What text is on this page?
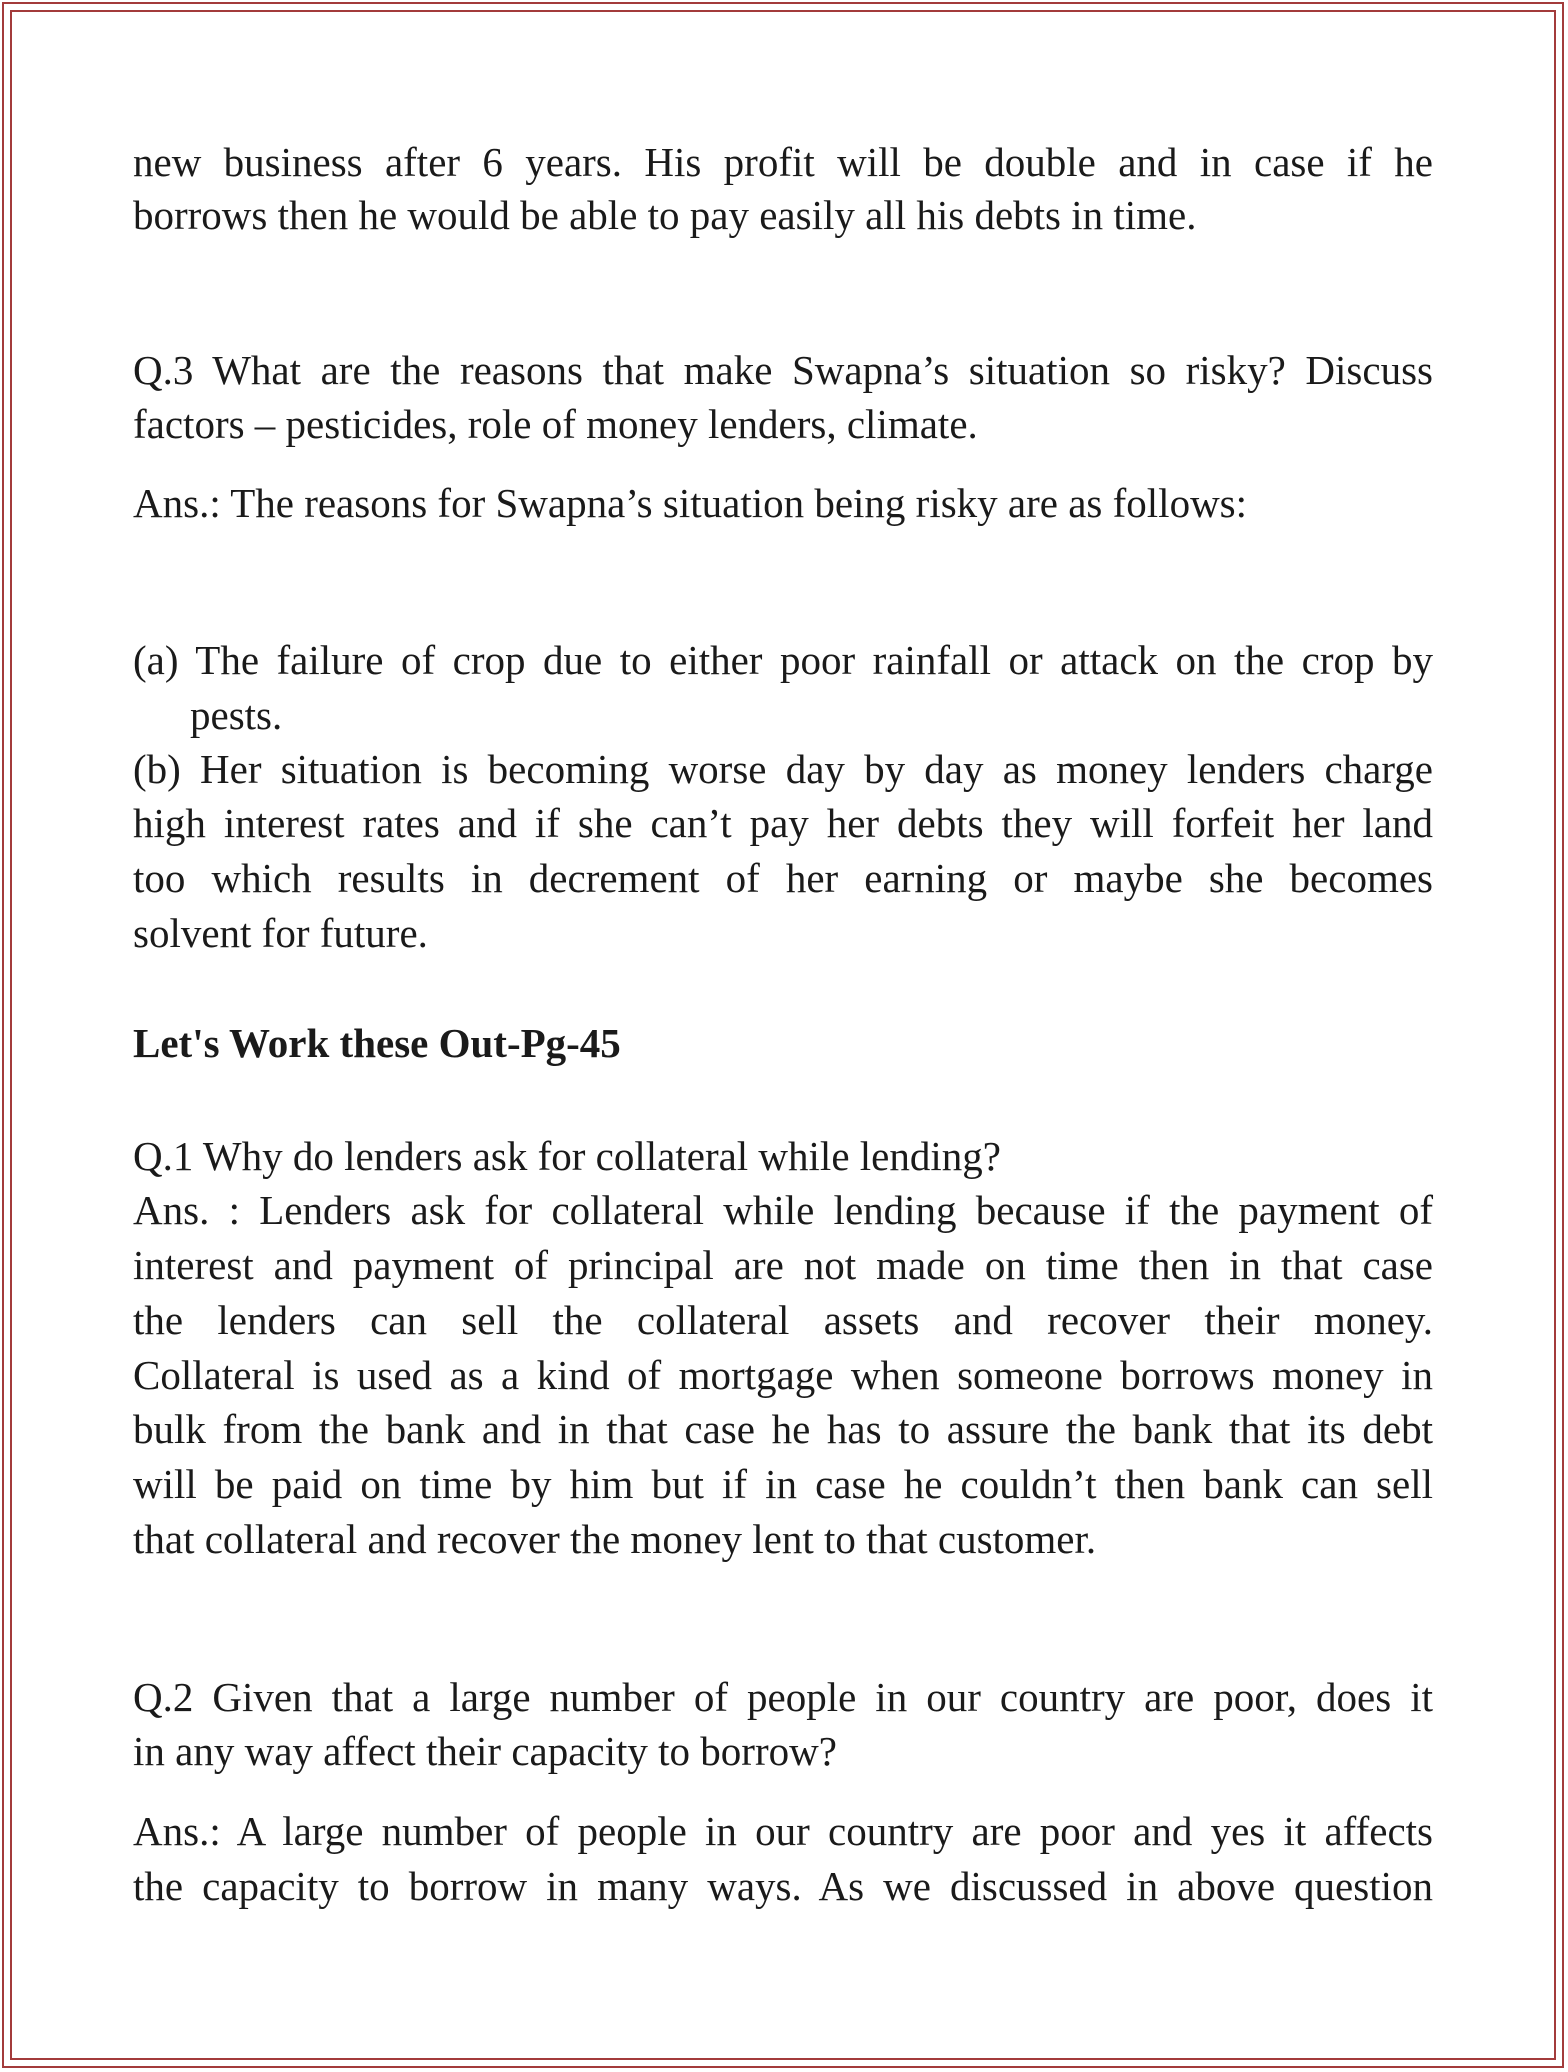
new business after 6 years. His profit will be double and in case if he
borrows then he would be able to pay easily all his debts in time.
Q.3 What are the reasons that make Swapna’s situation so risky? Discuss
factors – pesticides, role of money lenders, climate.
Ans.: The reasons for Swapna’s situation being risky are as follows:
(a) The failure of crop due to either poor rainfall or attack on the crop by
pests.
(b) Her situation is becoming worse day by day as money lenders charge
high interest rates and if she can’t pay her debts they will forfeit her land
too which results in decrement of her earning or maybe she becomes
solvent for future.
Let's Work these Out-Pg-45
Q.1 Why do lenders ask for collateral while lending?
Ans. : Lenders ask for collateral while lending because if the payment of
interest and payment of principal are not made on time then in that case
the lenders can sell the collateral assets and recover their money.
Collateral is used as a kind of mortgage when someone borrows money in
bulk from the bank and in that case he has to assure the bank that its debt
will be paid on time by him but if in case he couldn’t then bank can sell
that collateral and recover the money lent to that customer.
Q.2 Given that a large number of people in our country are poor, does it
in any way affect their capacity to borrow?
Ans.: A large number of people in our country are poor and yes it affects
the capacity to borrow in many ways. As we discussed in above question
